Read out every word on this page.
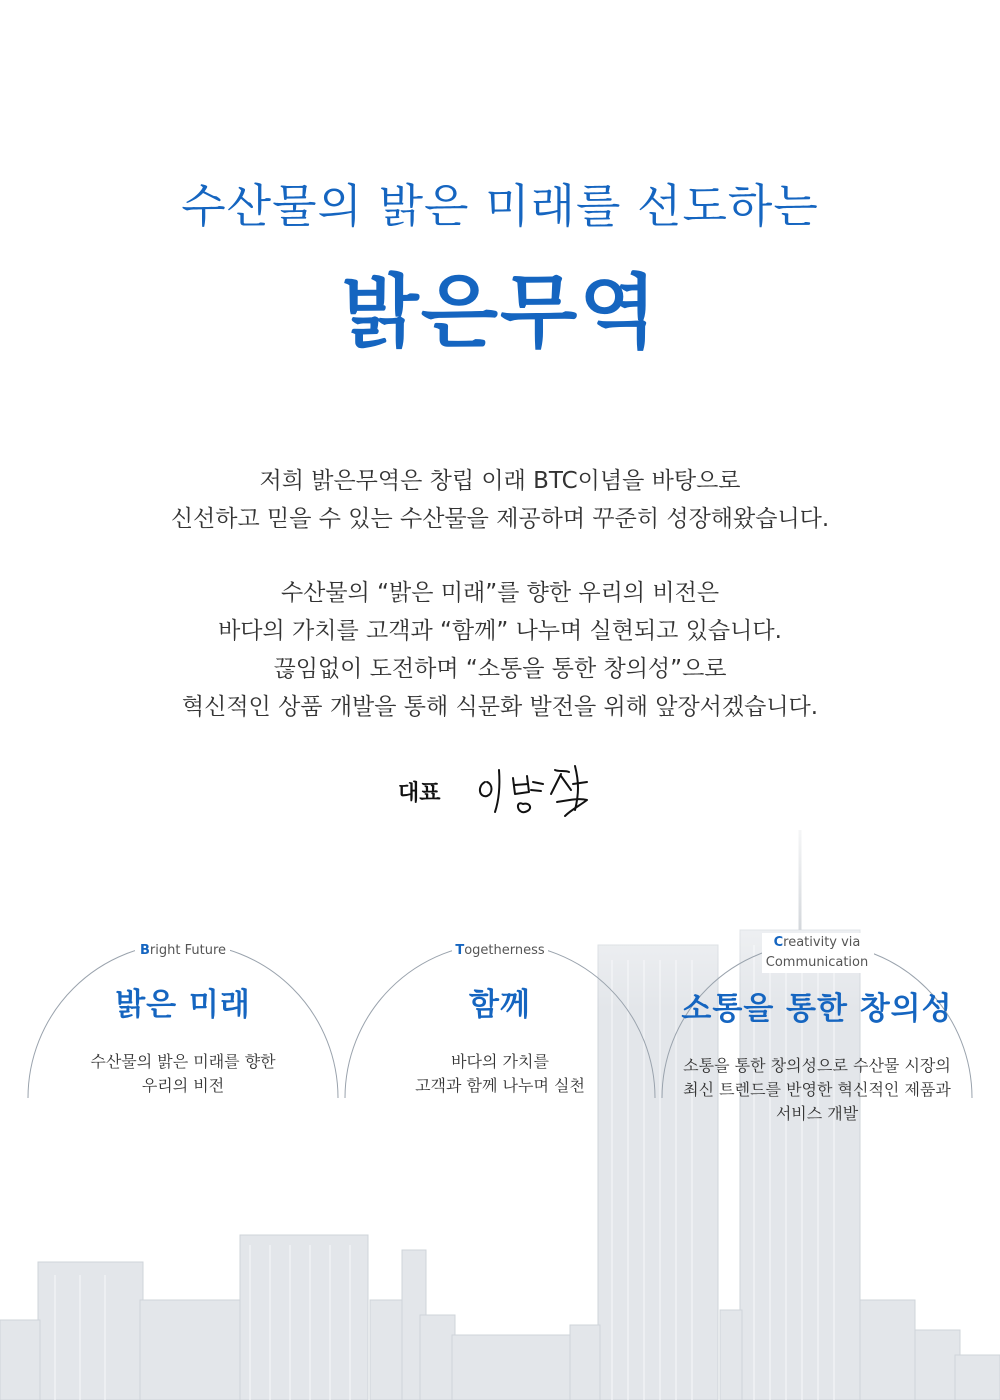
수산물의 밝은 미래를 선도하는
밝은무역

저희 밝은무역은 창립 이래 BTC이념을 바탕으로

신선하고 믿을 수 있는 수산물을 제공하며 꾸준히 성장해왔습니다.

수산물의 “밝은 미래”를 향한 우리의 비전은

바다의 가치를 고객과 “함께” 나누며 실현되고 있습니다.

끊임없이 도전하며 “소통을 통한 창의성”으로

혁신적인 상품 개발을 통해 식문화 발전을 위해 앞장서겠습니다.

대표
Bright Future
밝은 미래
수산물의 밝은 미래를 향한
우리의 비전
Togetherness
함께
바다의 가치를
고객과 함께 나누며 실천
Creativity via
Communication
소통을 통한 창의성
소통을 통한 창의성으로 수산물 시장의
최신 트렌드를 반영한 혁신적인 제품과
서비스 개발
